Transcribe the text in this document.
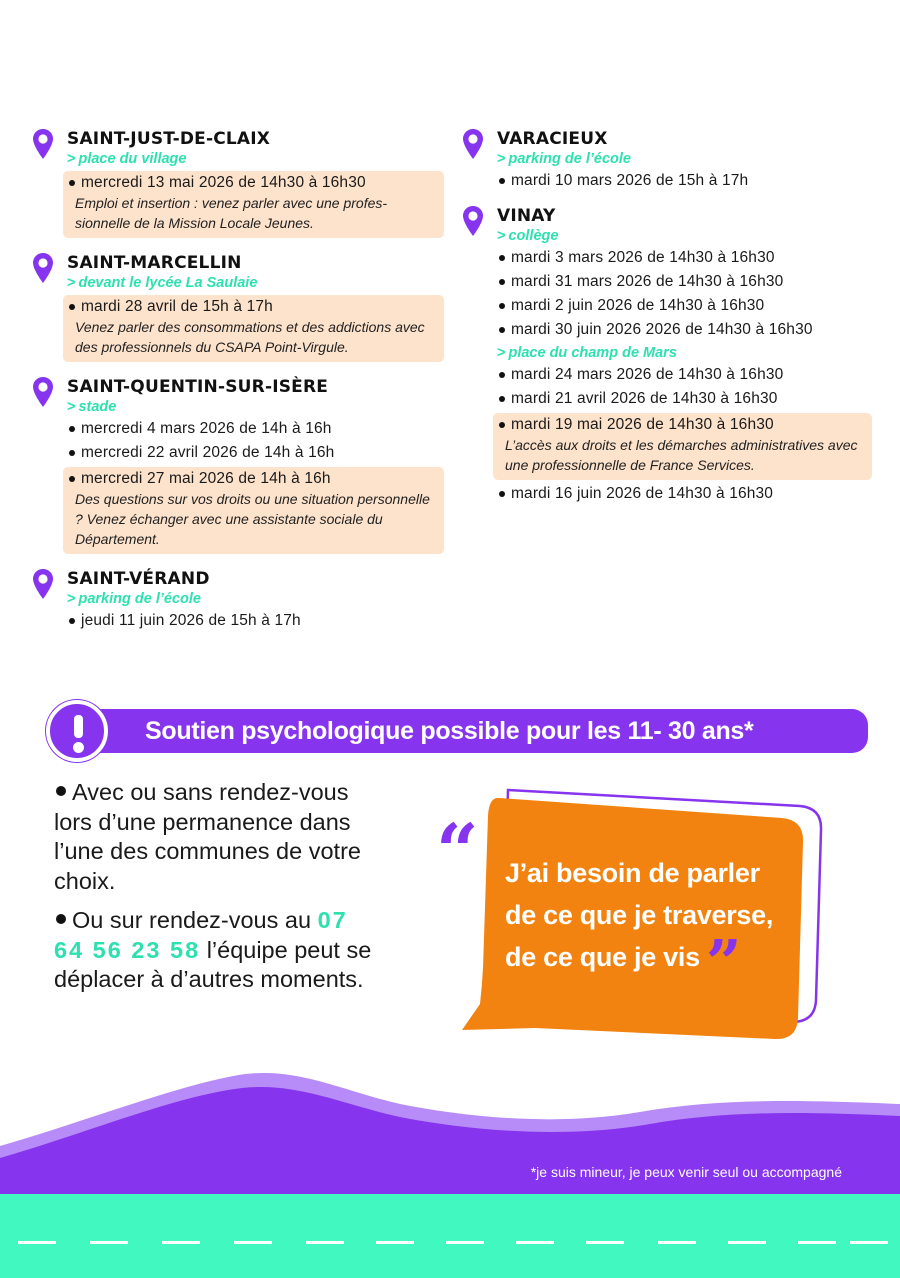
SAINT-JUST-DE-CLAIX
> place du village
mercredi 13 mai 2026 de 14h30 à 16h30
Emploi et insertion : venez parler avec une profes-sionnelle de la Mission Locale Jeunes.
SAINT-MARCELLIN
> devant le lycée La Saulaie
mardi 28 avril de 15h à 17h
Venez parler des consommations et des addictions avec des professionnels du CSAPA Point-Virgule.
SAINT-QUENTIN-SUR-ISÈRE
> stade
mercredi 4 mars 2026 de 14h à 16h
mercredi 22 avril 2026 de 14h à 16h
mercredi 27 mai 2026 de 14h à 16h
Des questions sur vos droits ou une situation personnelle ? Venez échanger avec une assistante sociale du Département.
SAINT-VÉRAND
> parking de l’école
jeudi 11 juin 2026 de 15h à 17h
VARACIEUX
> parking de l’école
mardi 10 mars 2026 de 15h à 17h
VINAY
> collège
mardi 3 mars 2026 de 14h30 à 16h30
mardi 31 mars 2026 de 14h30 à 16h30
mardi 2 juin 2026 de 14h30 à 16h30
mardi 30 juin 2026 2026 de 14h30 à 16h30
> place du champ de Mars
mardi 24 mars 2026 de 14h30 à 16h30
mardi 21 avril 2026 de 14h30 à 16h30
mardi 19 mai 2026 de 14h30 à 16h30
L’accès aux droits et les démarches administratives avec une professionnelle de France Services.
mardi 16 juin 2026 de 14h30 à 16h30
Soutien psychologique possible pour les 11- 30 ans*

Avec ou sans rendez-vous lors d’une permanence dans l’une des communes de votre choix.

Ou sur rendez-vous au 07 64 56 23 58 l’équipe peut se déplacer à d’autres moments.

“ J’ai besoin de parler
de ce que je traverse,
de ce que je vis”
*je suis mineur, je peux venir seul ou accompagné
